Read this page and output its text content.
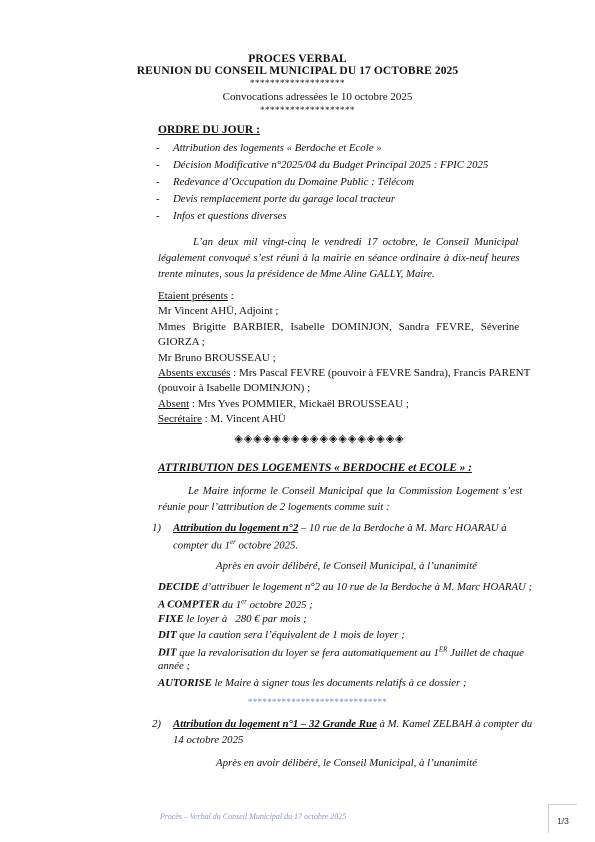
PROCES VERBAL
REUNION DU CONSEIL MUNICIPAL DU 17 OCTOBRE 2025
*******************
Convocations adressées le 10 octobre 2025
*******************
ORDRE DU JOUR :
- Attribution des logements « Berdoche et Ecole »
- Décision Modificative n°2025/04 du Budget Principal 2025 : FPIC 2025
- Redevance d’Occupation du Domaine Public : Télécom
- Devis remplacement porte du garage local tracteur
- Infos et questions diverses
L’an deux mil vingt-cinq le vendredi 17 octobre, le Conseil Municipal
légalement convoqué s’est réuni à la mairie en séance ordinaire à dix-neuf heures
trente minutes, sous la présidence de Mme Aline GALLY, Maire.
Etaient présents :
Mr Vincent AHÜ, Adjoint ;
Mmes Brigitte BARBIER, Isabelle DOMINJON, Sandra FEVRE, Séverine
GIORZA ;
Mr Bruno BROUSSEAU ;
Absents excusés : Mrs Pascal FEVRE (pouvoir à FEVRE Sandra), Francis PARENT
(pouvoir à Isabelle DOMINJON) ;
Absent : Mrs Yves POMMIER, Mickaël BROUSSEAU ;
Secrétaire : M. Vincent AHÜ
◈◈◈◈◈◈◈◈◈◈◈◈◈◈◈◈◈◈
ATTRIBUTION DES LOGEMENTS « BERDOCHE et ECOLE » :
Le Maire informe le Conseil Municipal que la Commission Logement s’est
réunie pour l’attribution de 2 logements comme suit :
1) Attribution du logement n°2 – 10 rue de la Berdoche à M. Marc HOARAU à
compter du 1er octobre 2025.
Après en avoir délibéré, le Conseil Municipal, à l’unanimité
DECIDE d’attribuer le logement n°2 au 10 rue de la Berdoche à M. Marc HOARAU ;
A COMPTER du 1er octobre 2025 ;
FIXE le loyer à   280 € par mois ;
DIT que la caution sera l’équivalent de 1 mois de loyer ;
DIT que la revalorisation du loyer se fera automatiquement au 1ER Juillet de chaque
année ;
AUTORISE le Maire à signer tous les documents relatifs à ce dossier ;
*****************************
2) Attribution du logement n°1 – 32 Grande Rue à M. Kamel ZELBAH à compter du
14 octobre 2025
Après en avoir délibéré, le Conseil Municipal, à l’unanimité
Procès – Verbal du Conseil Municipal du 17 octobre 2025	1/3
